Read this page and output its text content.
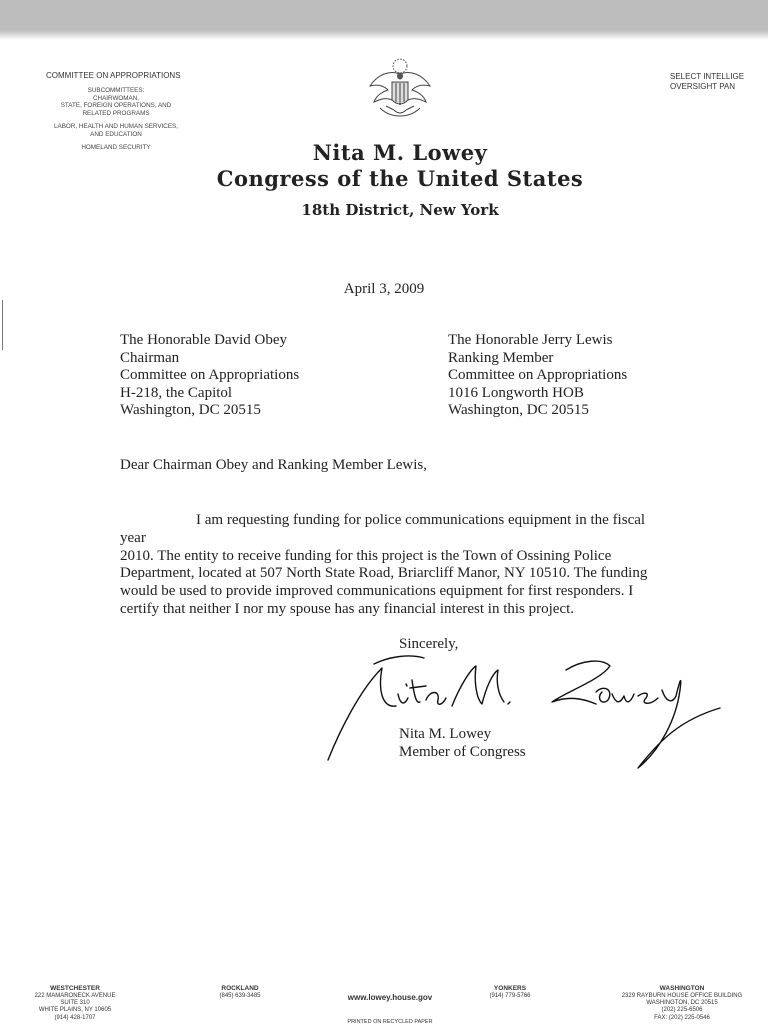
COMMITTEE ON APPROPRIATIONS
SUBCOMMITTEES:
CHAIRWOMAN,
STATE, FOREIGN OPERATIONS, AND
RELATED PROGRAMS
LABOR, HEALTH AND HUMAN SERVICES,
AND EDUCATION
HOMELAND SECURITY
SELECT INTELLIGE
OVERSIGHT PAN
Nita M. Lowey
Congress of the United States
18th District, New York
April 3, 2009
The Honorable David Obey
Chairman
Committee on Appropriations
H-218, the Capitol
Washington, DC 20515
The Honorable Jerry Lewis
Ranking Member
Committee on Appropriations
1016 Longworth HOB
Washington, DC 20515
Dear Chairman Obey and Ranking Member Lewis,
I am requesting funding for police communications equipment in the fiscal year
2010. The entity to receive funding for this project is the Town of Ossining Police
Department, located at 507 North State Road, Briarcliff Manor, NY 10510. The funding
would be used to provide improved communications equipment for first responders. I
certify that neither I nor my spouse has any financial interest in this project.
Sincerely,
Nita M. Lowey
Member of Congress
WESTCHESTER
222 MAMARONECK AVENUE
SUITE 310
WHITE PLAINS, NY 10605
(914) 428-1707
ROCKLAND
(845) 639-3485	www.lowey.house.gov
PRINTED ON RECYCLED PAPER
YONKERS
(914) 779-5766
WASHINGTON
2329 RAYBURN HOUSE OFFICE BUILDING
WASHINGTON, DC 20515
(202) 225-6506
FAX: (202) 225-0546
